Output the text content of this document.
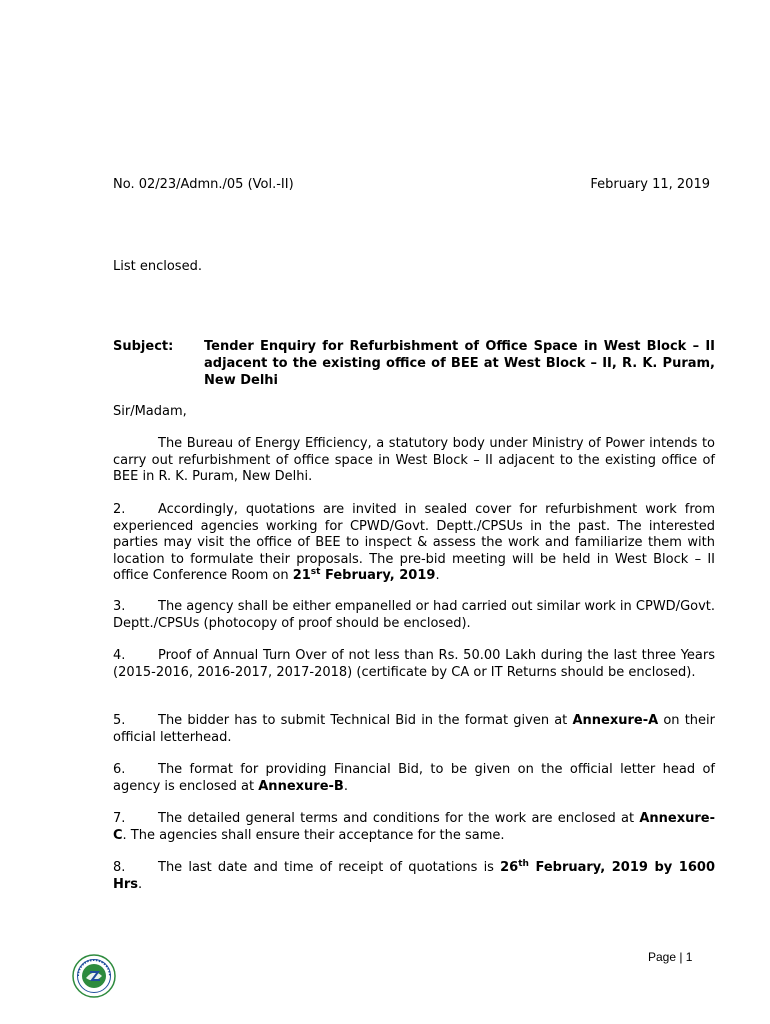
No. 02/23/Admn./05 (Vol.-II)	February 11, 2019
List enclosed.
Subject: Tender Enquiry for Refurbishment of Office Space in West Block – II adjacent to the existing office of BEE at West Block – II, R. K. Puram, New Delhi
Sir/Madam,

The Bureau of Energy Efficiency, a statutory body under Ministry of Power intends to carry out refurbishment of office space in West Block – II adjacent to the existing office of BEE in R. K. Puram, New Delhi.

2.	Accordingly, quotations are invited in sealed cover for refurbishment work from experienced agencies working for CPWD/Govt. Deptt./CPSUs in the past. The interested parties may visit the office of BEE to inspect & assess the work and familiarize them with location to formulate their proposals. The pre-bid meeting will be held in West Block – II office Conference Room on 21st February, 2019.

3.	The agency shall be either empanelled or had carried out similar work in CPWD/Govt. Deptt./CPSUs (photocopy of proof should be enclosed).

4.	Proof of Annual Turn Over of not less than Rs. 50.00 Lakh during the last three Years (2015-2016, 2016-2017, 2017-2018) (certificate by CA or IT Returns should be enclosed).

5.	The bidder has to submit Technical Bid in the format given at Annexure-A on their official letterhead.

6.	The format for providing Financial Bid, to be given on the official letter head of agency is enclosed at Annexure-B.

7.	The detailed general terms and conditions for the work are enclosed at Annexure-C. The agencies shall ensure their acceptance for the same.

8.	The last date and time of receipt of quotations is 26th February, 2019 by 1600 Hrs.

Page | 1
